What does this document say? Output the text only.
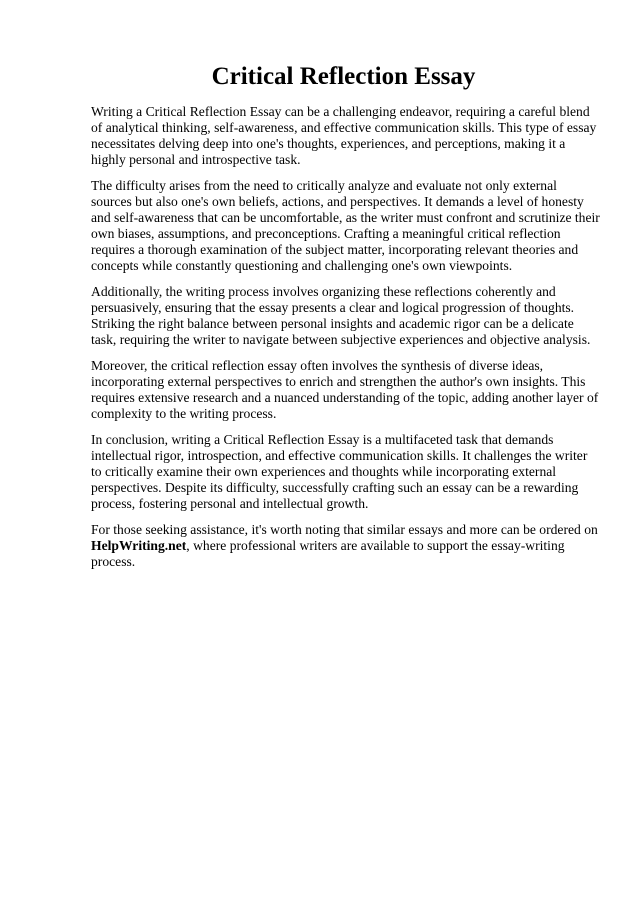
Critical Reflection Essay

Writing a Critical Reflection Essay can be a challenging endeavor, requiring a careful blend of analytical thinking, self-awareness, and effective communication skills. This type of essay necessitates delving deep into one's thoughts, experiences, and perceptions, making it a highly personal and introspective task.

The difficulty arises from the need to critically analyze and evaluate not only external sources but also one's own beliefs, actions, and perspectives. It demands a level of honesty and self-awareness that can be uncomfortable, as the writer must confront and scrutinize their own biases, assumptions, and preconceptions. Crafting a meaningful critical reflection requires a thorough examination of the subject matter, incorporating relevant theories and concepts while constantly questioning and challenging one's own viewpoints.

Additionally, the writing process involves organizing these reflections coherently and persuasively, ensuring that the essay presents a clear and logical progression of thoughts. Striking the right balance between personal insights and academic rigor can be a delicate task, requiring the writer to navigate between subjective experiences and objective analysis.

Moreover, the critical reflection essay often involves the synthesis of diverse ideas, incorporating external perspectives to enrich and strengthen the author's own insights. This requires extensive research and a nuanced understanding of the topic, adding another layer of complexity to the writing process.

In conclusion, writing a Critical Reflection Essay is a multifaceted task that demands intellectual rigor, introspection, and effective communication skills. It challenges the writer to critically examine their own experiences and thoughts while incorporating external perspectives. Despite its difficulty, successfully crafting such an essay can be a rewarding process, fostering personal and intellectual growth.

For those seeking assistance, it's worth noting that similar essays and more can be ordered on HelpWriting.net, where professional writers are available to support the essay-writing process.
